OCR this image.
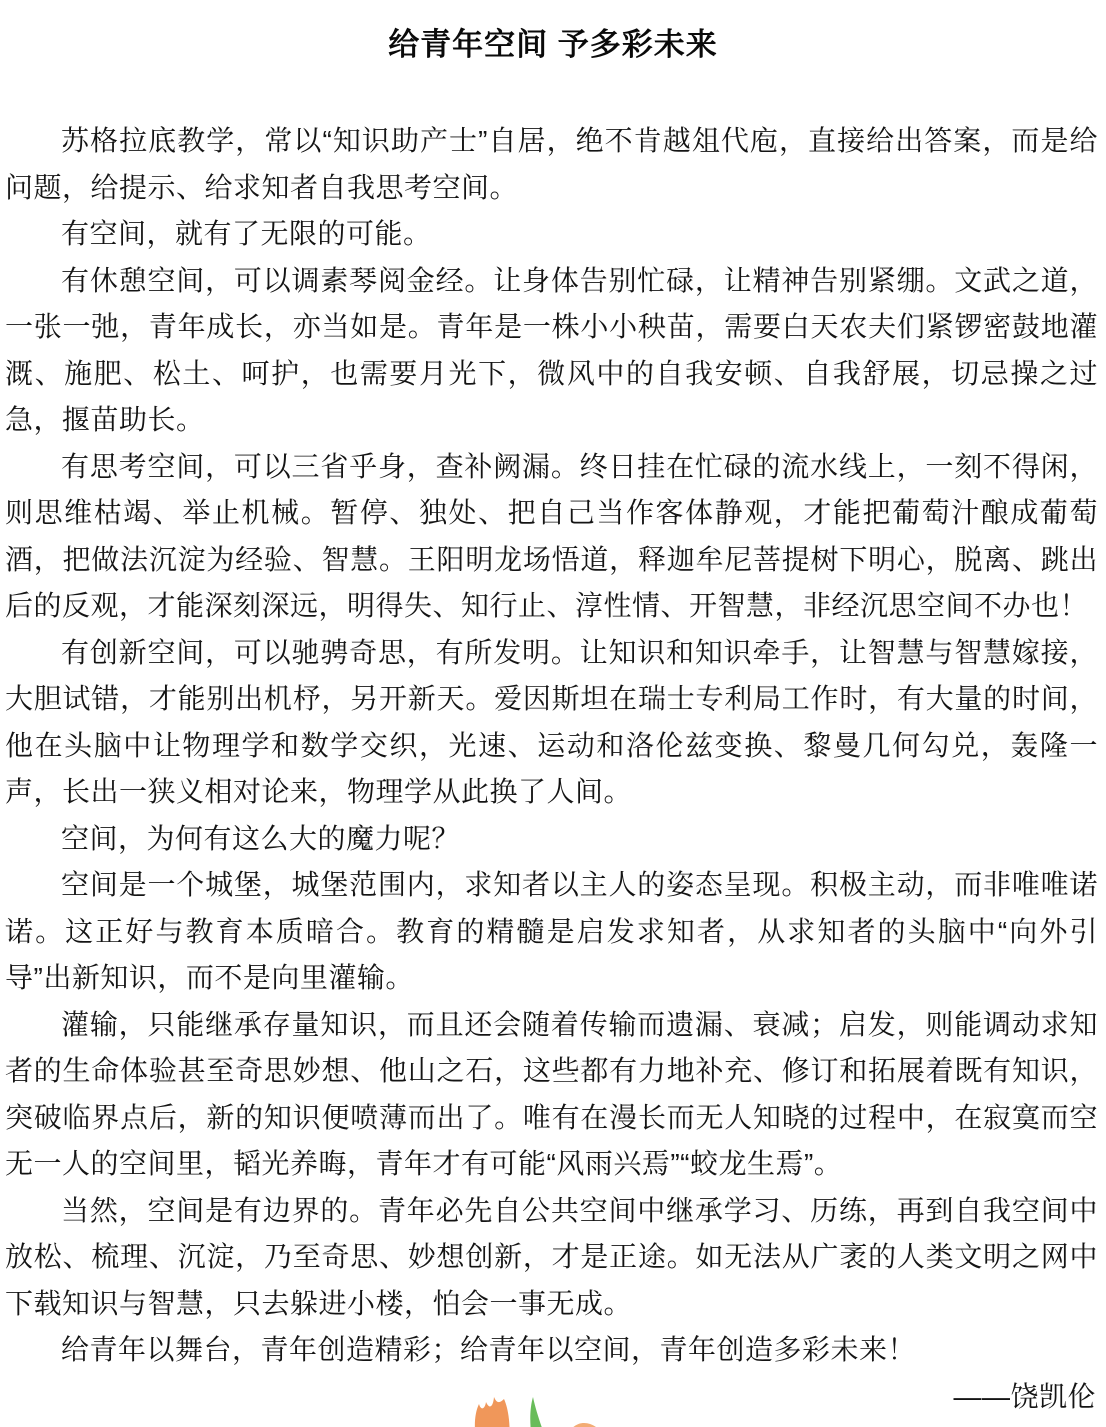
给青年空间 予多彩未来

苏格拉底教学，常以“知识助产士”自居，绝不肯越俎代庖，直接给出答案，而是给问题，给提示、给求知者自我思考空间。

有空间，就有了无限的可能。

有休憩空间，可以调素琴阅金经。让身体告别忙碌，让精神告别紧绷。文武之道，一张一弛，青年成长，亦当如是。青年是一株小小秧苗，需要白天农夫们紧锣密鼓地灌溉、施肥、松土、呵护，也需要月光下，微风中的自我安顿、自我舒展，切忌操之过急，揠苗助长。

有思考空间，可以三省乎身，查补阙漏。终日挂在忙碌的流水线上，一刻不得闲，则思维枯竭、举止机械。暂停、独处、把自己当作客体静观，才能把葡萄汁酿成葡萄酒，把做法沉淀为经验、智慧。王阳明龙场悟道，释迦牟尼菩提树下明心，脱离、跳出后的反观，才能深刻深远，明得失、知行止、淳性情、开智慧，非经沉思空间不办也！

有创新空间，可以驰骋奇思，有所发明。让知识和知识牵手，让智慧与智慧嫁接，大胆试错，才能别出机杼，另开新天。爱因斯坦在瑞士专利局工作时，有大量的时间，他在头脑中让物理学和数学交织，光速、运动和洛伦兹变换、黎曼几何勾兑，轰隆一声，长出一狭义相对论来，物理学从此换了人间。

空间，为何有这么大的魔力呢？

空间是一个城堡，城堡范围内，求知者以主人的姿态呈现。积极主动，而非唯唯诺诺。这正好与教育本质暗合。教育的精髓是启发求知者，从求知者的头脑中“向外引导”出新知识，而不是向里灌输。

灌输，只能继承存量知识，而且还会随着传输而遗漏、衰减；启发，则能调动求知者的生命体验甚至奇思妙想、他山之石，这些都有力地补充、修订和拓展着既有知识，突破临界点后，新的知识便喷薄而出了。唯有在漫长而无人知晓的过程中，在寂寞而空无一人的空间里，韬光养晦，青年才有可能“风雨兴焉”“蛟龙生焉”。

当然，空间是有边界的。青年必先自公共空间中继承学习、历练，再到自我空间中放松、梳理、沉淀，乃至奇思、妙想创新，才是正途。如无法从广袤的人类文明之网中下载知识与智慧，只去躲进小楼，怕会一事无成。

给青年以舞台，青年创造精彩；给青年以空间，青年创造多彩未来！

——饶凯伦
